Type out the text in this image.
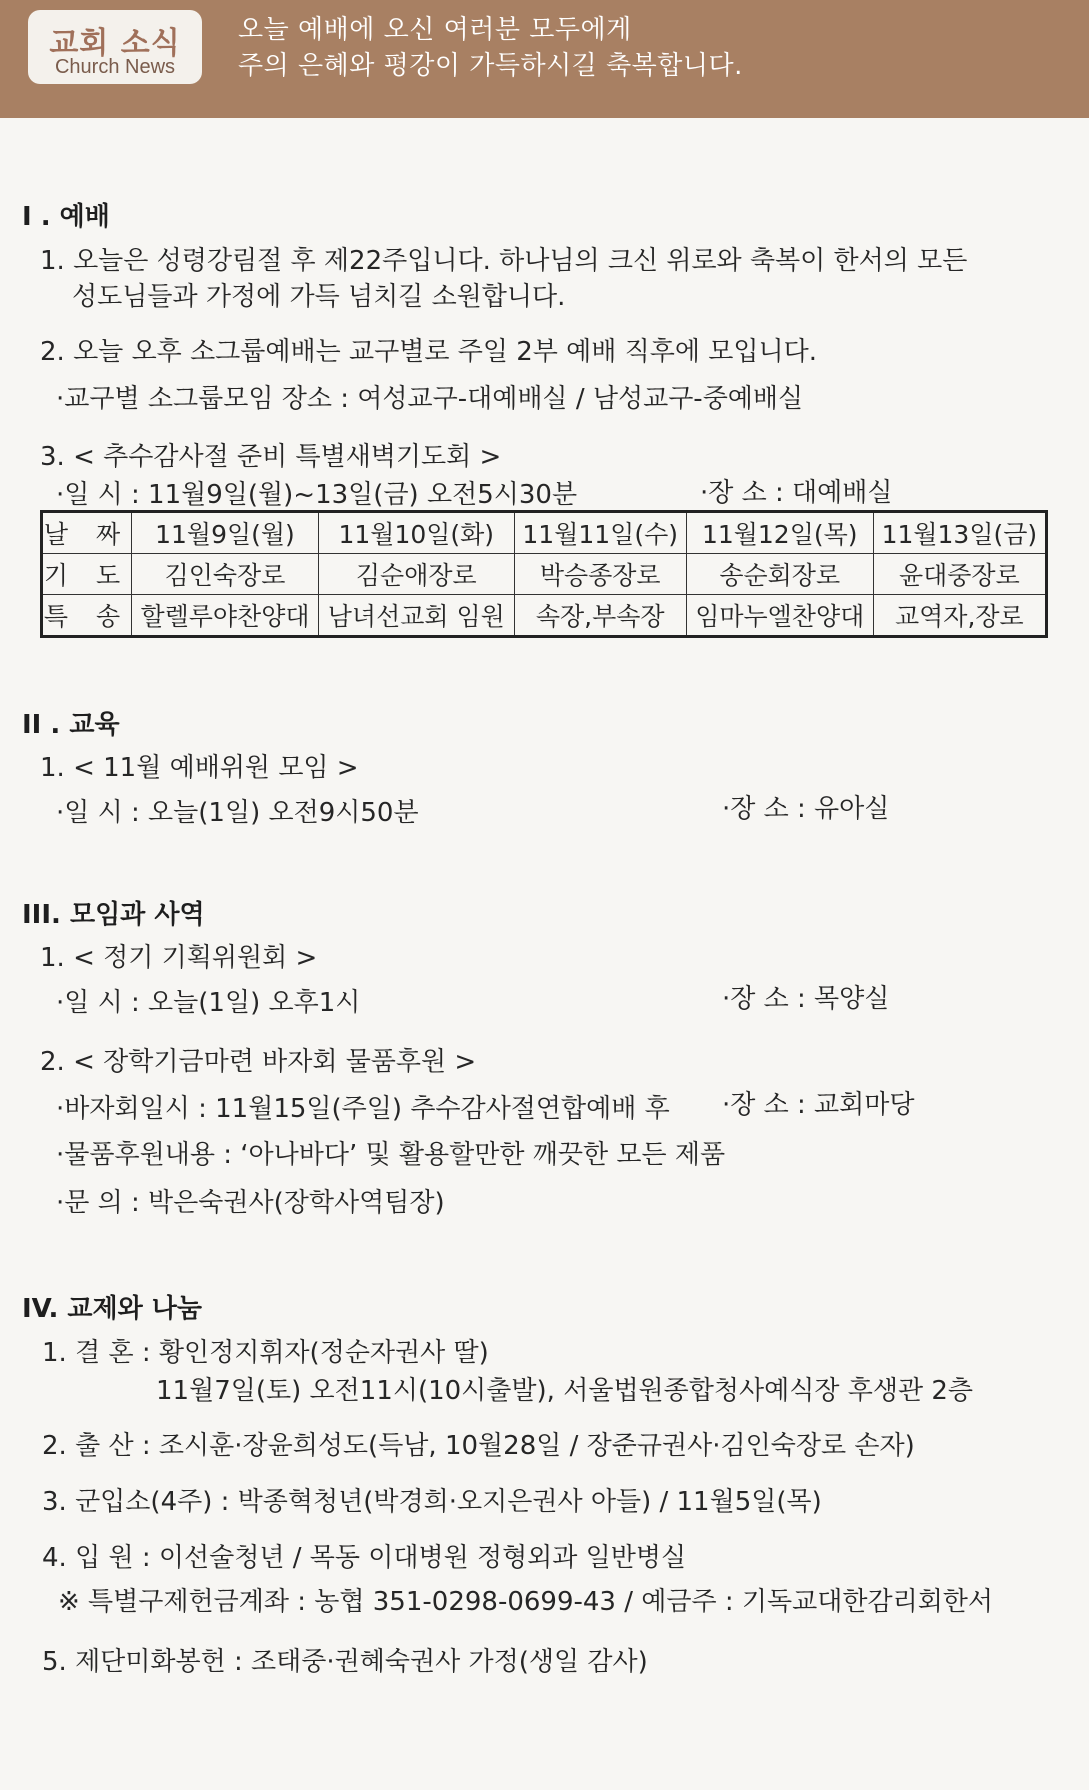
교회 소식
Church News
오늘 예배에 오신 여러분 모두에게
주의 은혜와 평강이 가득하시길 축복합니다.
I . 예배
1. 오늘은 성령강림절 후 제22주입니다. 하나님의 크신 위로와 축복이 한서의 모든
성도님들과 가정에 가득 넘치길 소원합니다.
2. 오늘 오후 소그룹예배는 교구별로 주일 2부 예배 직후에 모입니다.
·교구별 소그룹모임 장소 : 여성교구-대예배실 / 남성교구-중예배실
3. < 추수감사절 준비 특별새벽기도회 >
·일 시 : 11월9일(월)~13일(금) 오전5시30분	·장 소 : 대예배실
날 짜	11월9일(월)	11월10일(화)	11월11일(수)	11월12일(목)	11월13일(금)
기 도	김인숙장로	김순애장로	박승종장로	송순회장로	윤대중장로
특 송	할렐루야찬양대	남녀선교회 임원	속장,부속장	임마누엘찬양대	교역자,장로
II . 교육
1. < 11월 예배위원 모임 >
·일 시 : 오늘(1일) 오전9시50분	·장 소 : 유아실
III. 모임과 사역
1. < 정기 기획위원회 >
·일 시 : 오늘(1일) 오후1시	·장 소 : 목양실
2. < 장학기금마련 바자회 물품후원 >
·바자회일시 : 11월15일(주일) 추수감사절연합예배 후 ·장 소 : 교회마당
·물품후원내용 : ‘아나바다’ 및 활용할만한 깨끗한 모든 제품
·문 의 : 박은숙권사(장학사역팀장)
IV. 교제와 나눔
1. 결 혼 : 황인정지휘자(정순자권사 딸)
11월7일(토) 오전11시(10시출발), 서울법원종합청사예식장 후생관 2층
2. 출 산 : 조시훈·장윤희성도(득남, 10월28일 / 장준규권사·김인숙장로 손자)
3. 군입소(4주) : 박종혁청년(박경희·오지은권사 아들) / 11월5일(목)
4. 입 원 : 이선술청년 / 목동 이대병원 정형외과 일반병실
※ 특별구제헌금계좌 : 농협 351-0298-0699-43 / 예금주 : 기독교대한감리회한서
5. 제단미화봉헌 : 조태중·권혜숙권사 가정(생일 감사)
